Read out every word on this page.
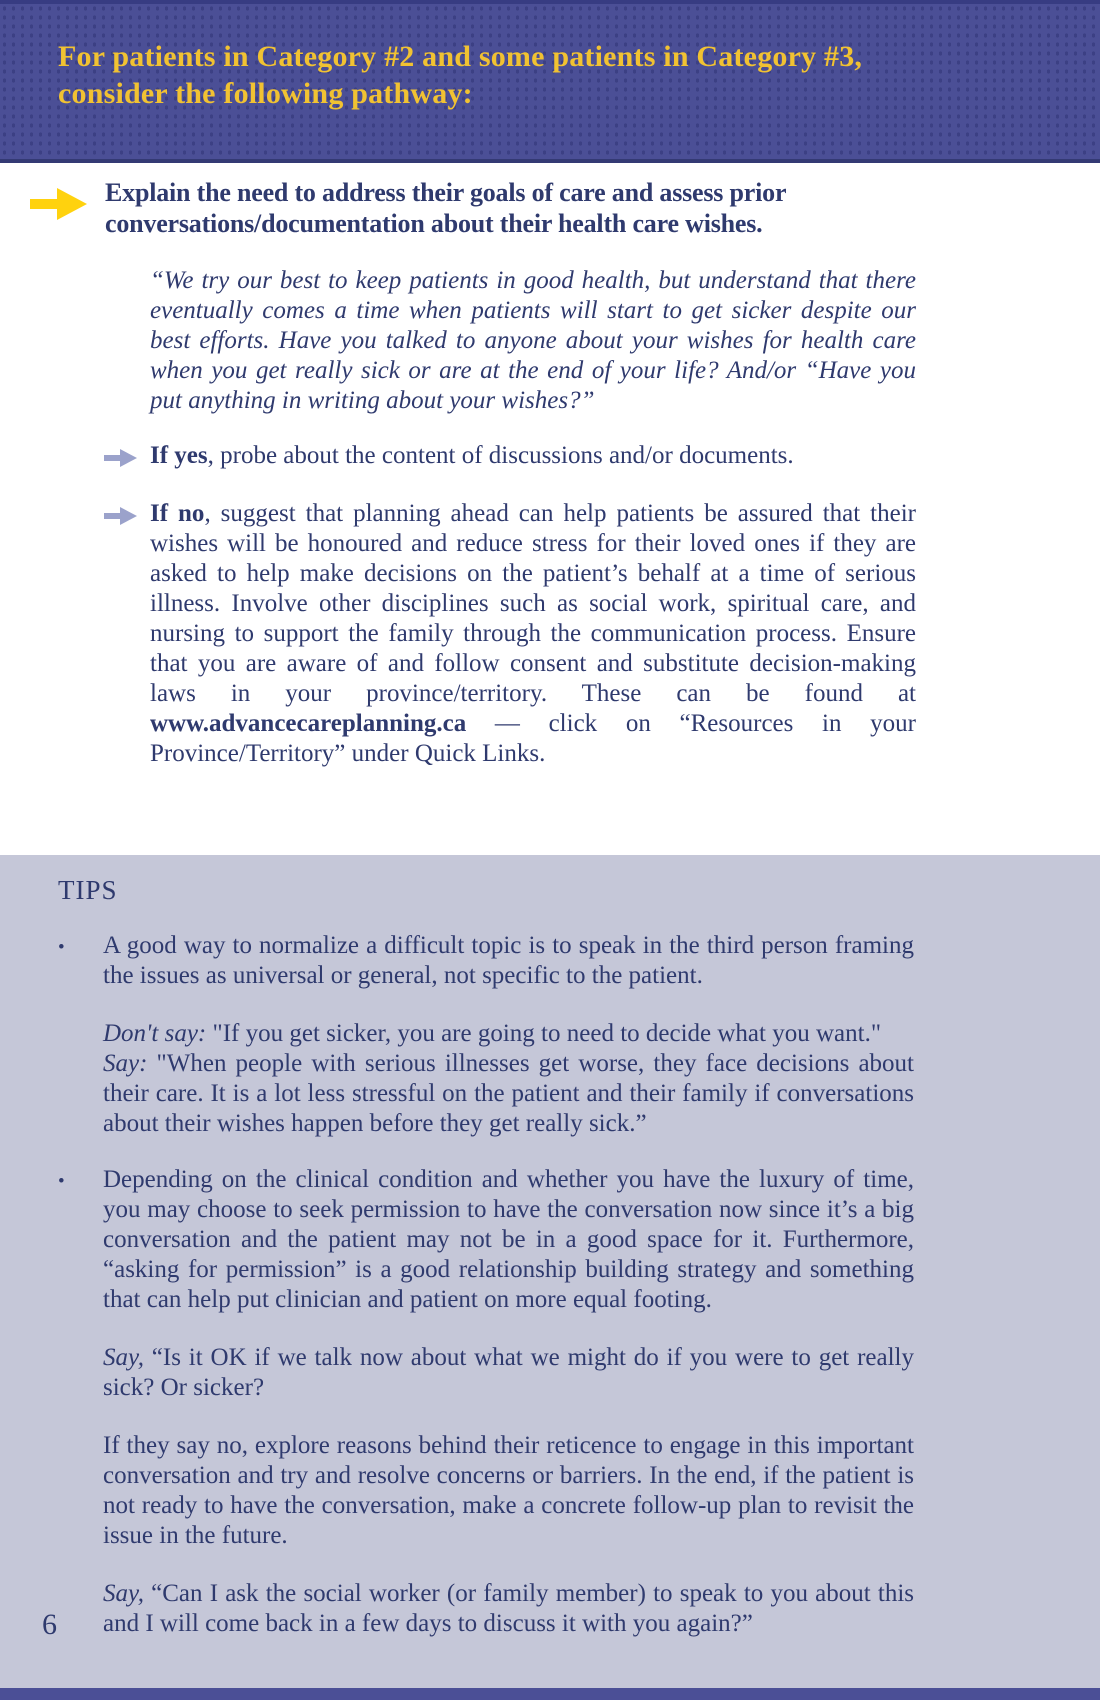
For patients in Category #2 and some patients in Category #3, consider the following pathway:
Explain the need to address their goals of care and assess prior conversations/documentation about their health care wishes.

“We try our best to keep patients in good health, but understand that there eventually comes a time when patients will start to get sicker despite our best efforts. Have you talked to anyone about your wishes for health care when you get really sick or are at the end of your life? And/or “Have you put anything in writing about your wishes?”

If yes, probe about the content of discussions and/or documents.

If no, suggest that planning ahead can help patients be assured that their wishes will be honoured and reduce stress for their loved ones if they are asked to help make decisions on the patient’s behalf at a time of serious illness. Involve other disciplines such as social work, spiritual care, and nursing to support the family through the communication process. Ensure that you are aware of and follow consent and substitute decision-making laws in your province/territory. These can be found at www.advancecareplanning.ca — click on “Resources in your Province/Territory” under Quick Links.

TIPS
•	A good way to normalize a difficult topic is to speak in the third person framing the issues as universal or general, not specific to the patient.

Don't say: "If you get sicker, you are going to need to decide what you want."
Say: "When people with serious illnesses get worse, they face decisions about their care. It is a lot less stressful on the patient and their family if conversations about their wishes happen before they get really sick.”

•	Depending on the clinical condition and whether you have the luxury of time, you may choose to seek permission to have the conversation now since it’s a big conversation and the patient may not be in a good space for it. Furthermore, “asking for permission” is a good relationship building strategy and something that can help put clinician and patient on more equal footing.

Say, “Is it OK if we talk now about what we might do if you were to get really sick? Or sicker?

If they say no, explore reasons behind their reticence to engage in this important conversation and try and resolve concerns or barriers. In the end, if the patient is not ready to have the conversation, make a concrete follow-up plan to revisit the issue in the future.

Say, “Can I ask the social worker (or family member) to speak to you about this and I will come back in a few days to discuss it with you again?”

6
